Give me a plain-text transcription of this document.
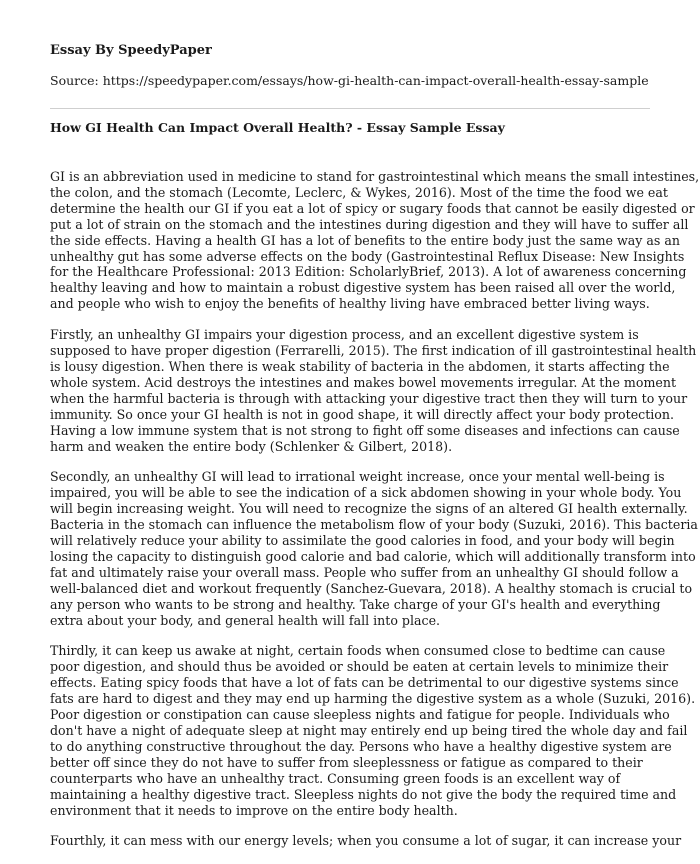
Essay By SpeedyPaper
Source: https://speedypaper.com/essays/how-gi-health-can-impact-overall-health-essay-sample
How GI Health Can Impact Overall Health? - Essay Sample Essay

GI is an abbreviation used in medicine to stand for gastrointestinal which means the small intestines,
the colon, and the stomach (Lecomte, Leclerc, & Wykes, 2016). Most of the time the food we eat
determine the health our GI if you eat a lot of spicy or sugary foods that cannot be easily digested or
put a lot of strain on the stomach and the intestines during digestion and they will have to suffer all
the side effects. Having a health GI has a lot of benefits to the entire body just the same way as an
unhealthy gut has some adverse effects on the body (Gastrointestinal Reflux Disease: New Insights
for the Healthcare Professional: 2013 Edition: ScholarlyBrief, 2013). A lot of awareness concerning
healthy leaving and how to maintain a robust digestive system has been raised all over the world,
and people who wish to enjoy the benefits of healthy living have embraced better living ways.

Firstly, an unhealthy GI impairs your digestion process, and an excellent digestive system is
supposed to have proper digestion (Ferrarelli, 2015). The first indication of ill gastrointestinal health
is lousy digestion. When there is weak stability of bacteria in the abdomen, it starts affecting the
whole system. Acid destroys the intestines and makes bowel movements irregular. At the moment
when the harmful bacteria is through with attacking your digestive tract then they will turn to your
immunity. So once your GI health is not in good shape, it will directly affect your body protection.
Having a low immune system that is not strong to fight off some diseases and infections can cause
harm and weaken the entire body (Schlenker & Gilbert, 2018).

Secondly, an unhealthy GI will lead to irrational weight increase, once your mental well-being is
impaired, you will be able to see the indication of a sick abdomen showing in your whole body. You
will begin increasing weight. You will need to recognize the signs of an altered GI health externally.
Bacteria in the stomach can influence the metabolism flow of your body (Suzuki, 2016). This bacteria
will relatively reduce your ability to assimilate the good calories in food, and your body will begin
losing the capacity to distinguish good calorie and bad calorie, which will additionally transform into
fat and ultimately raise your overall mass. People who suffer from an unhealthy GI should follow a
well-balanced diet and workout frequently (Sanchez-Guevara, 2018). A healthy stomach is crucial to
any person who wants to be strong and healthy. Take charge of your GI's health and everything
extra about your body, and general health will fall into place.

Thirdly, it can keep us awake at night, certain foods when consumed close to bedtime can cause
poor digestion, and should thus be avoided or should be eaten at certain levels to minimize their
effects. Eating spicy foods that have a lot of fats can be detrimental to our digestive systems since
fats are hard to digest and they may end up harming the digestive system as a whole (Suzuki, 2016).
Poor digestion or constipation can cause sleepless nights and fatigue for people. Individuals who
don't have a night of adequate sleep at night may entirely end up being tired the whole day and fail
to do anything constructive throughout the day. Persons who have a healthy digestive system are
better off since they do not have to suffer from sleeplessness or fatigue as compared to their
counterparts who have an unhealthy tract. Consuming green foods is an excellent way of
maintaining a healthy digestive tract. Sleepless nights do not give the body the required time and
environment that it needs to improve on the entire body health.

Fourthly, it can mess with our energy levels; when you consume a lot of sugar, it can increase your
